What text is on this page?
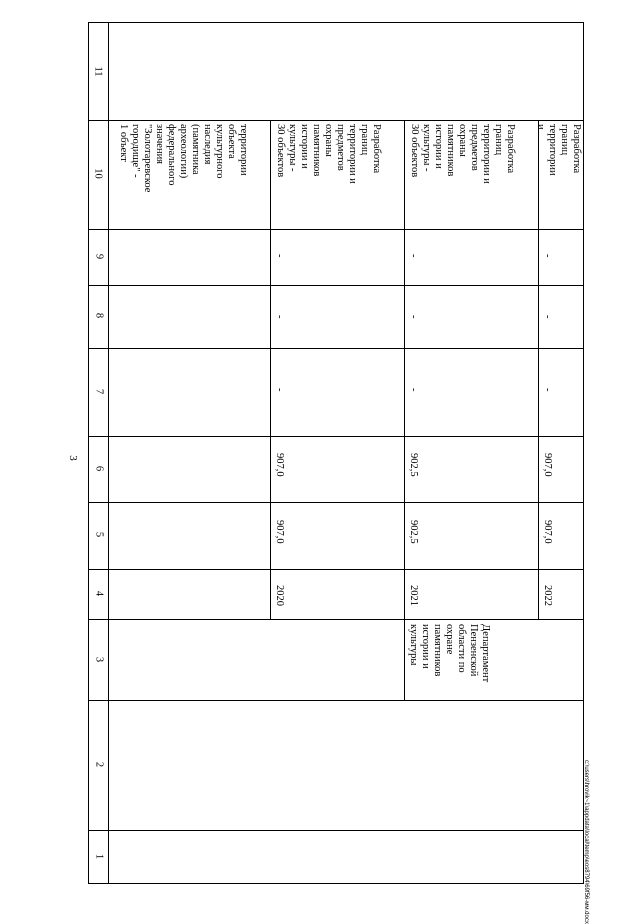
3
11
10
9
8
7
6
5
4
3
2
1
территории
объекта
культурного
наследия
(памятника
археологии)
федерального
значения
"Золотаревское
городище" -
1 объект	Разработка
границ
территории и
предметов
охраны
памятников
истории и
культуры -
30 объектов
-
-
-
907,0
907,0
2020
Разработка
границ
территории и
предметов
охраны
памятников
истории и
культуры -
30 объектов
-
-
-
902,5
902,5
2021
Департамент
Пензенской
области по
охране
памятников
истории и
культуры
Разработка
границ
территории и
-
-
-
907,0
907,0
2022
c:\users\hrovik~1\appdata\local\temp\eos8794\69f56-мм.docx
